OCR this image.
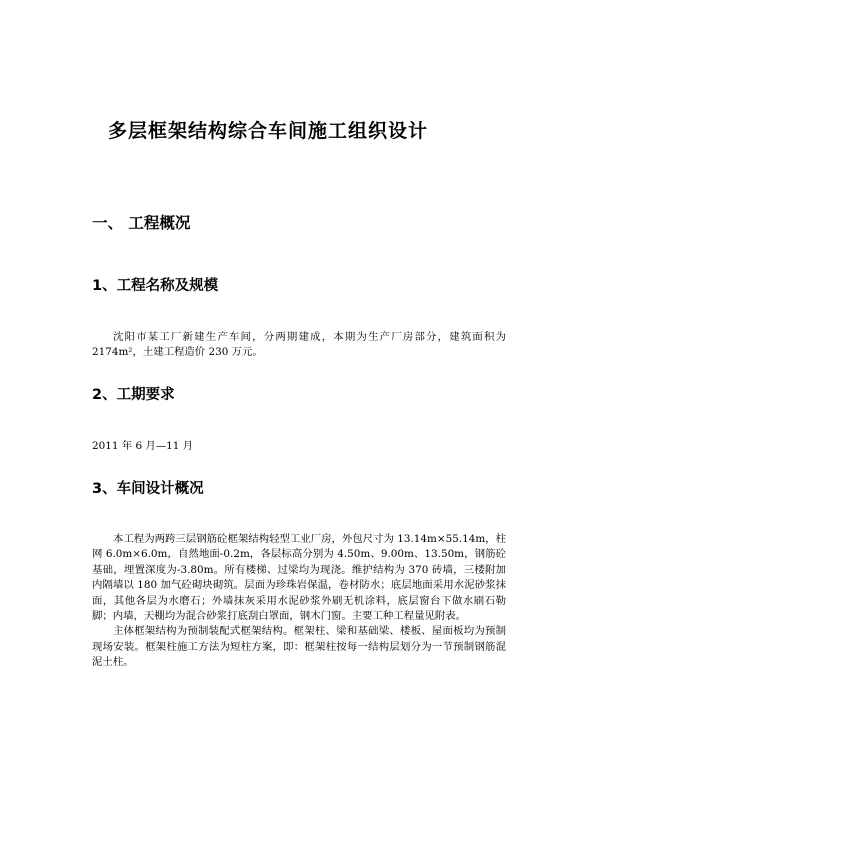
多层框架结构综合车间施工组织设计
一、 工程概况
1、工程名称及规模

沈阳市某工厂新建生产车间，分两期建成，本期为生产厂房部分，建筑面积为 2174m²，土建工程造价 230 万元。

2、工期要求
2011 年 6 月—11 月
3、车间设计概况

本工程为两跨三层钢筋砼框架结构轻型工业厂房，外包尺寸为 13.14m×55.14m，柱网 6.0m×6.0m，自然地面-0.2m，各层标高分别为 4.50m、9.00m、13.50m，钢筋砼基础，埋置深度为-3.80m。所有楼梯、过梁均为现浇。维护结构为 370 砖墙，三楼附加内隔墙以 180 加气砼砌块砌筑。层面为珍珠岩保温，卷材防水；底层地面采用水泥砂浆抹面，其他各层为水磨石；外墙抹灰采用水泥砂浆外刷无机涂料，底层窗台下做水刷石勒脚；内墙，天棚均为混合砂浆打底刮白罩面，钢木门窗。主要工种工程量见附表。

主体框架结构为预制装配式框架结构。框架柱、梁和基础梁、楼板、屋面板均为预制现场安装。框架柱施工方法为短柱方案，即：框架柱按每一结构层划分为一节预制钢筋混泥土柱。
